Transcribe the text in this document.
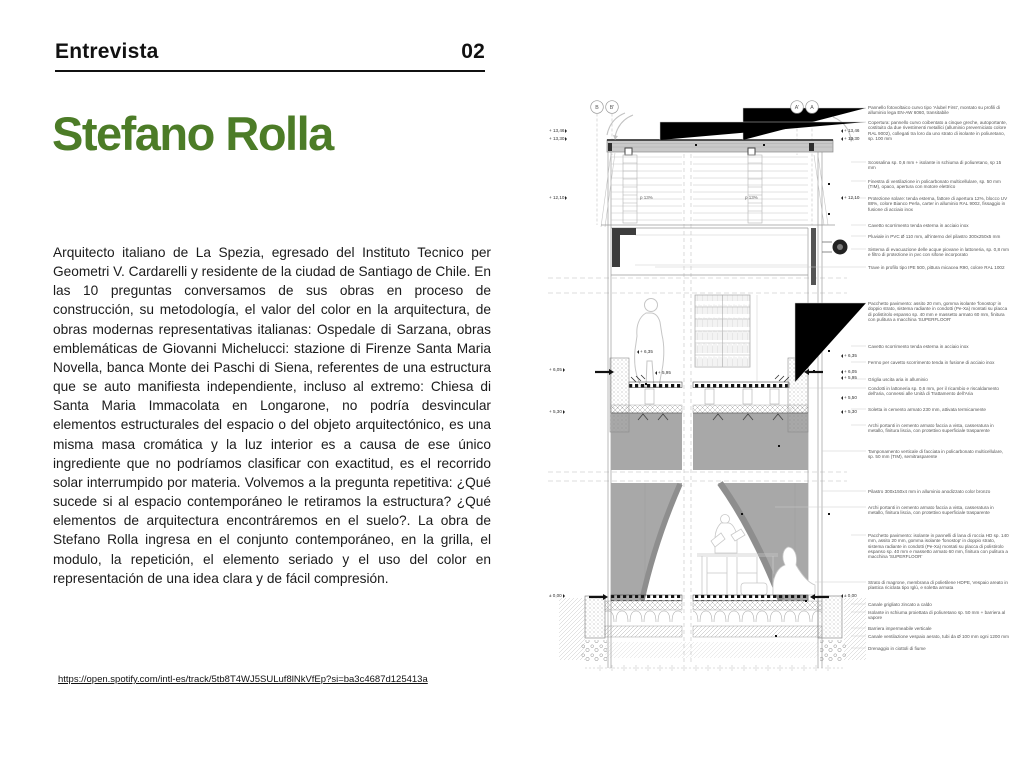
Entrevista	02
Stefano Rolla
Arquitecto italiano de La Spezia, egresado del Instituto Tecnico per Geometri V. Cardarelli y residente de la ciudad de Santiago de Chile. En las 10 preguntas conversamos de sus obras en proceso de construcción, su metodología, el valor del color en la arquitectura, de obras modernas representativas italianas: Ospedale di Sarzana, obras emblemáticas de Giovanni Michelucci: stazione di Firenze Santa Maria Novella, banca Monte dei Paschi di Siena, referentes de una estructura que se auto manifiesta independiente, incluso al extremo: Chiesa di Santa Maria Immacolata en Longarone, no podría desvincular elementos estructurales del espacio o del objeto arquitectónico, es una misma masa cromática y la luz interior es a causa de ese único ingrediente que no podríamos clasificar con exactitud, es el recorrido solar interrumpido por materia. Volvemos a la pregunta repetitiva: ¿Qué sucede si al espacio contemporáneo le retiramos la estructura? ¿Qué elementos de arquitectura encontráremos en el suelo?. La obra de Stefano Rolla ingresa en el conjunto contemporáneo, en la grilla, el modulo, la repetición, el elemento seriado y el uso del color en representación de una idea clara y de fácil compresión.
https://open.spotify.com/intl-es/track/5tb8T4WJ5SULuf8lNkVfEp?si=ba3c4687d125413a
B B'	A' A
p 13%	p 13%
+ 13,46
+ 13,30
+ 12,10
+ 6,05
+ 5,30
± 0,00
+ 13,46
+ 13,30
+ 12,10
+ 6,35
+ 6,05
+ 5,95
+ 5,50
+ 5,30
± 0,00
+ 6,35
+ 5,95
Pannello fotovoltaico curvo tipo 'Alubel First', montato su profili di alluminio lega EN-AW 6060, transitabile
Copertura: pannello curvo coibentato a cinque greche, autoportante, costituito da due rivestimenti metallici (alluminio preverniciato colore RAL 9002), collegati tra loro da uno strato di isolante in poliuretano, sp. 100 mm
Scossalina sp. 0,6 mm + isolante in schiuma di poliuretano, sp 15 mm
Finestra di ventilazione in policarbonato multicellulare, sp. 50 mm (TIM), opaco, apertura con motore elettrico
Protezione solare: tenda esterna, fattore di apertura 12%, blocco UV 88%, colore Bianco Perla, carter in alluminio RAL 9002, fissaggio in fusione di acciaio inox
Cavetto scorrimento tenda esterna in acciaio inox
Pluviale in PVC Ø 110 mm, all'interno del pilastro 300x250x5 mm
Sistema di evacuazione delle acque piovane in lattoneria, sp. 0,8 mm e filtro di protezione in pvc con sifone incorporato
Trave in profilo tipo IPE 500, pittura micacea R90, colore RAL 1002
Pacchetto pavimento: assito 20 mm, gomma isolante 'fonostop' in doppio strato, sistema radiante in condotti (Pe-Xa) montati su placca di polistirolo espanso sp. 40 mm e massetto armato 60 mm, finitura con pulitura a macchina 'SUPERFLOOR'
Cavetto scorrimento tenda esterna in acciaio inox
Fermo per cavetto scorrimento tenda in fusione di acciaio inox
Griglia uscita aria in alluminio
Condotti in lattoneria sp. 0,6 mm, per il ricambio e riscaldamento dell'aria, connessi alle Unità di Trattamento dell'Aria
Soletta in cemento armato 230 mm, attivata termicamente
Archi portanti in cemento armato faccia a vista, casseratura in metallo, finitura liscia, con protettivo superficiale trasparente
Tamponamento verticale di facciata in policarbonato multicellulare, sp. 50 mm (TIM), semitrasparente
Pilastro 300x150x4 mm in alluminio anodizzato color bronzo
Archi portanti in cemento armato faccia a vista, casseratura in metallo, finitura liscia, con protettivo superficiale trasparente
Pacchetto pavimento: isolante in pannelli di lana di roccia HD sp. 140 mm, assito 20 mm, gomma isolante 'fonostop' in doppio strato, sistema radiante in condotti (Pe-Xa) montati su placca di polistirolo espanso sp. 40 mm e massetto armato 60 mm, finitura con pulitura a macchina 'SUPERFLOOR'
Strato di magrone, membrana di polietilene HDPE, Vespaio areato in plastica riciclata tipo Iglù, e soletta armata
Canale grigliato zincato a caldo
Isolante in schiuma proiettata di poliuretano sp. 50 mm + barriera al vapore
Barriera impermeabile verticale
Canale ventilazione vespaio aerato, tubi da Ø 100 mm ogni 1200 mm
Drenaggio in ciottoli di fiume
